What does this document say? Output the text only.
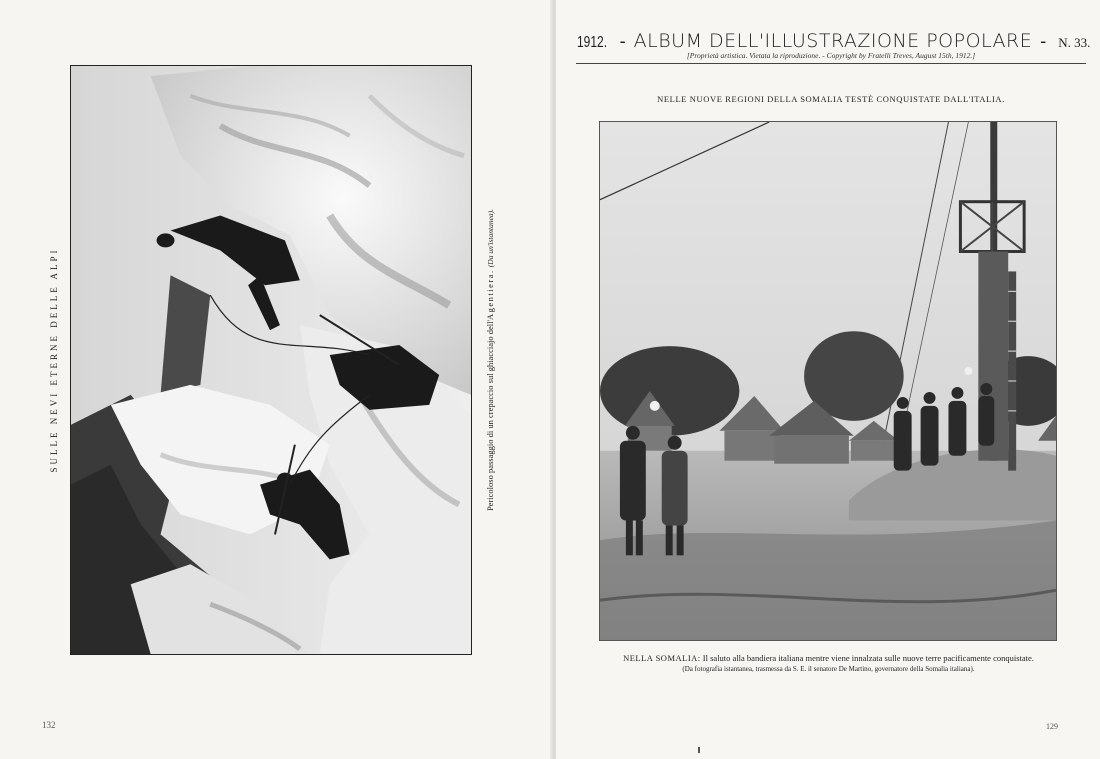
SULLE NEVI ETERNE DELLE ALPI	Pericoloso passaggio di un crepaccio sul ghiacciajo dell'Agentiera. (Da un'istantanea).
132
1912. - ALBUM DELL'ILLUSTRAZIONE POPOLARE - N. 33.
[Proprietà artistica. Vietata la riproduzione. - Copyright by Fratelli Treves, August 15th, 1912.]
NELLE NUOVE REGIONI DELLA SOMALIA TESTÈ CONQUISTATE DALL'ITALIA.
NELLA SOMALIA: Il saluto alla bandiera italiana mentre viene innalzata sulle nuove terre pacificamente conquistate.
(Da fotografia istantanea, trasmessa da S. E. il senatore De Martino, governatore della Somalia italiana).
129
